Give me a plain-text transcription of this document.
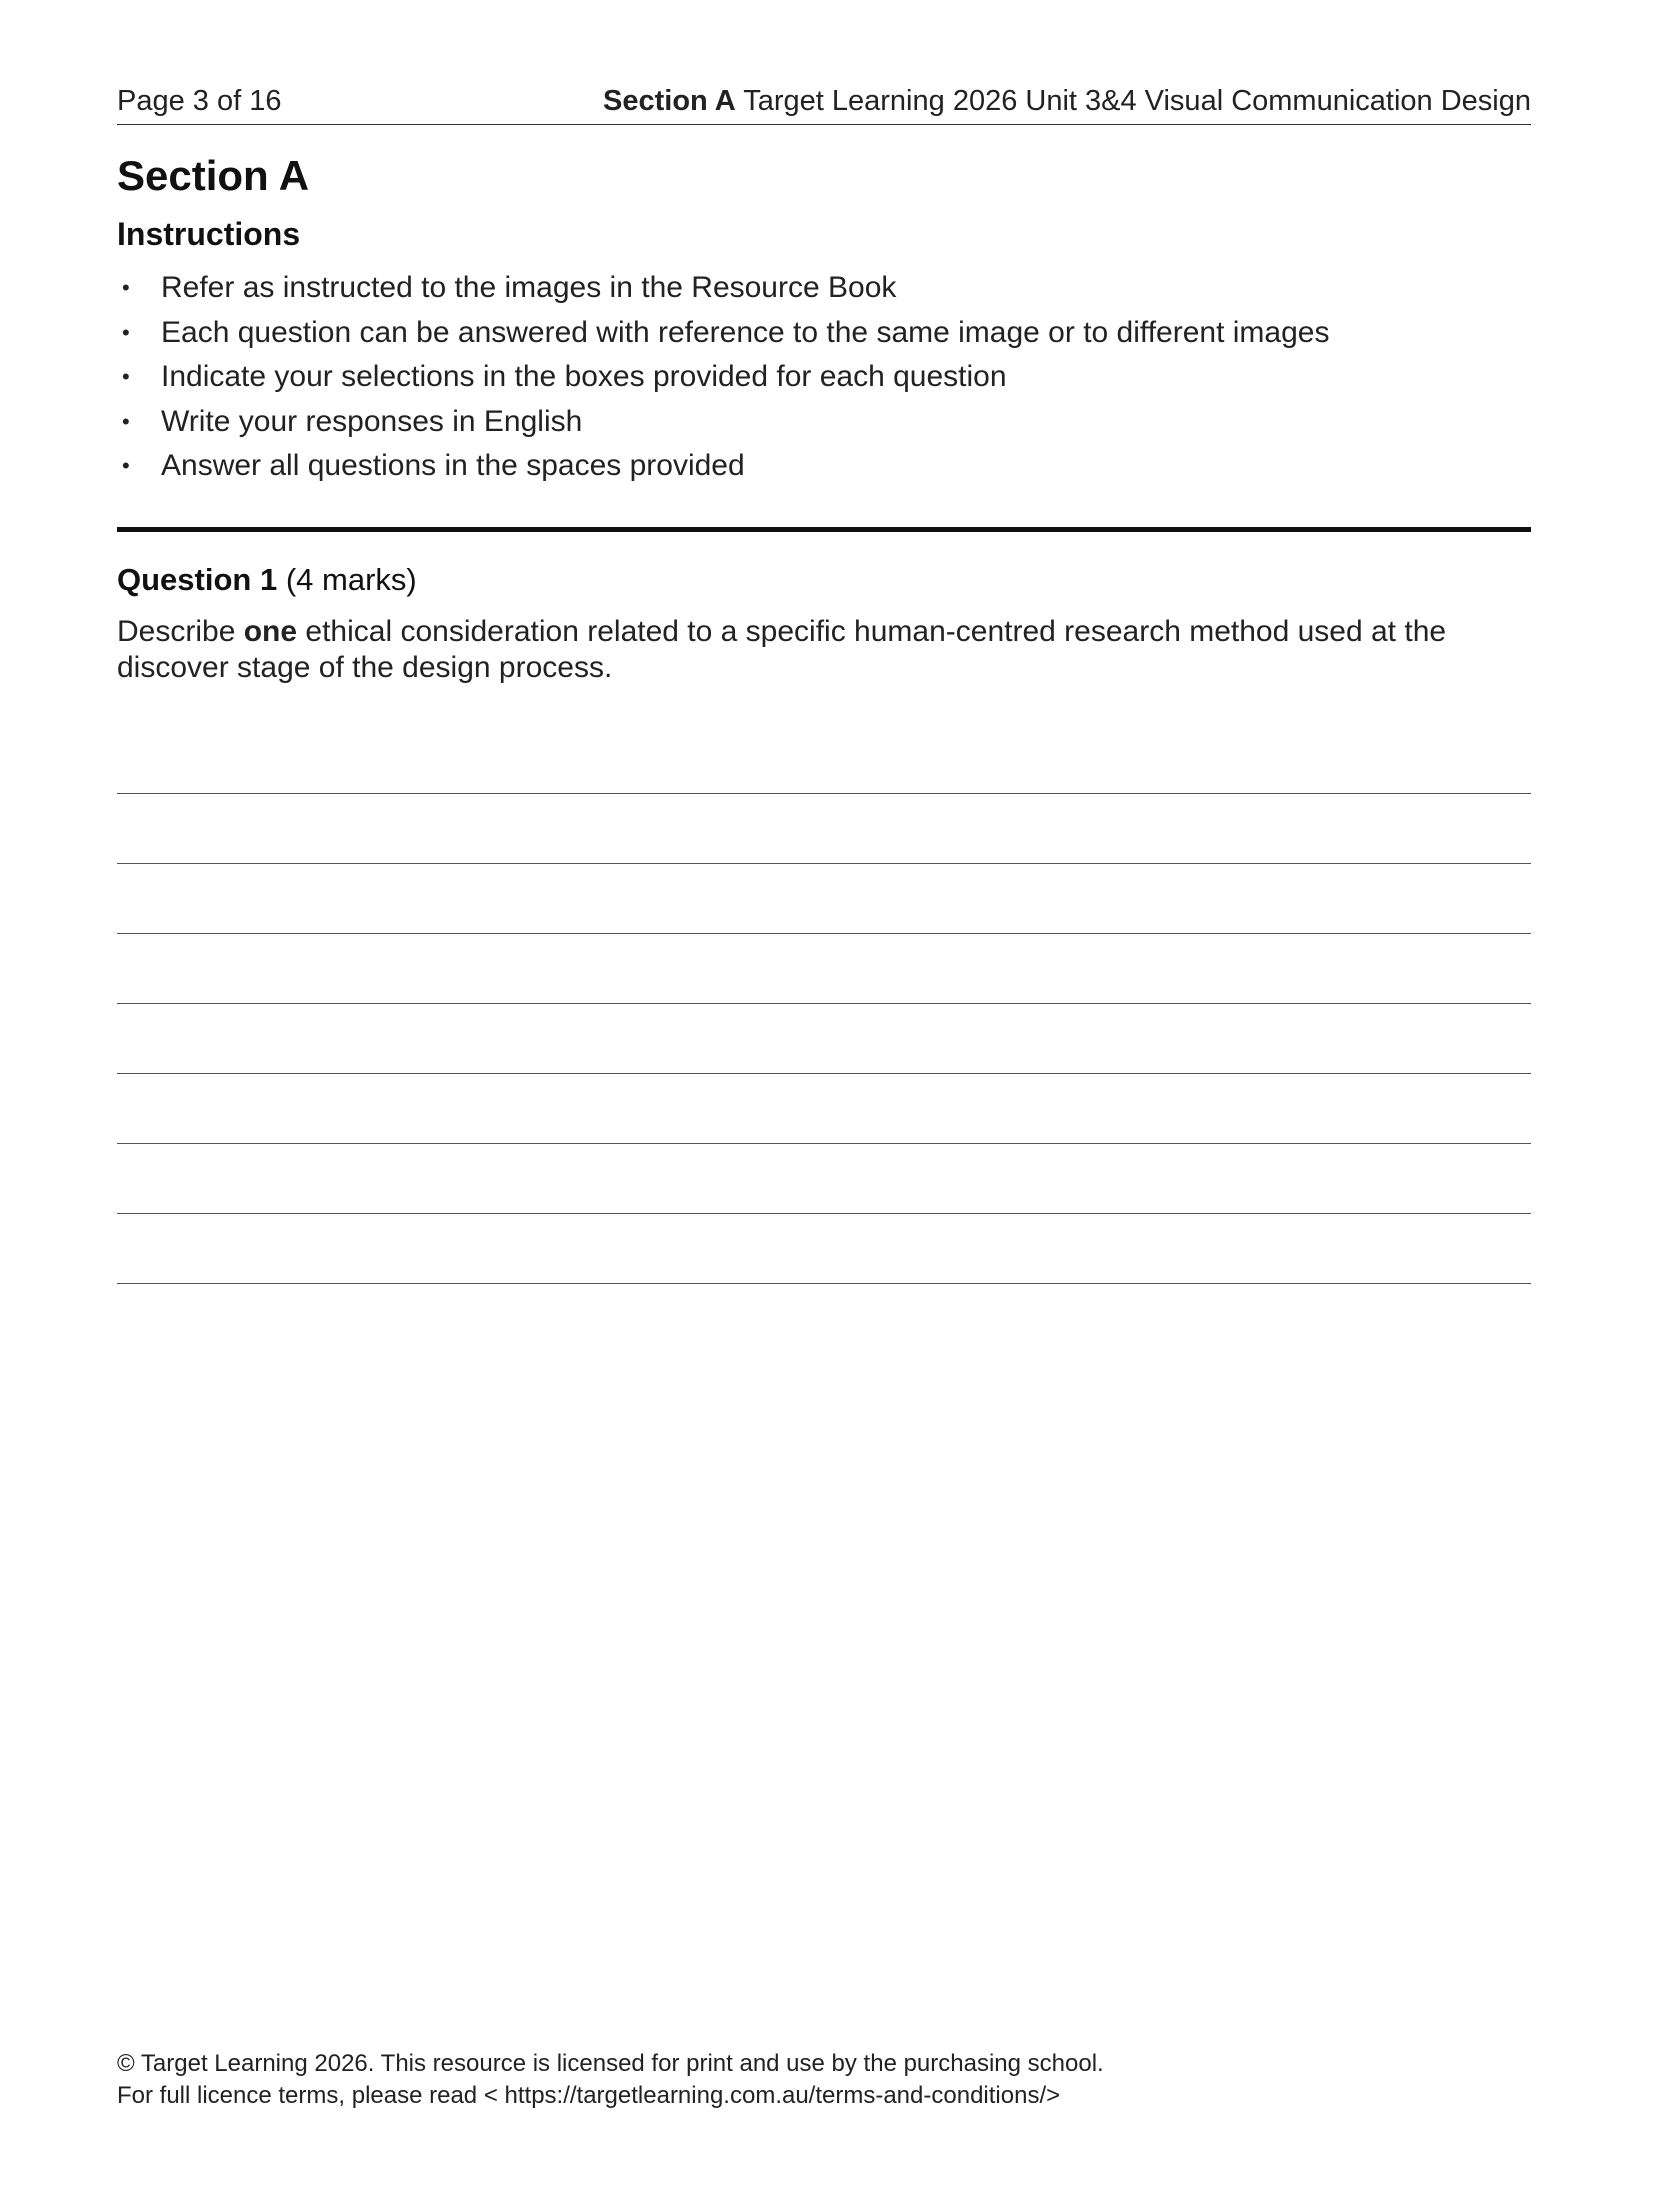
Page 3 of 16	Section A Target Learning 2026 Unit 3&4 Visual Communication Design
Section A
Instructions
• Refer as instructed to the images in the Resource Book
• Each question can be answered with reference to the same image or to different images
• Indicate your selections in the boxes provided for each question
• Write your responses in English
• Answer all questions in the spaces provided

Question 1 (4 marks)

Describe one ethical consideration related to a specific human-centred research method used at the discover stage of the design process.

© Target Learning 2026. This resource is licensed for print and use by the purchasing school.
For full licence terms, please read < https://targetlearning.com.au/terms-and-conditions/>
